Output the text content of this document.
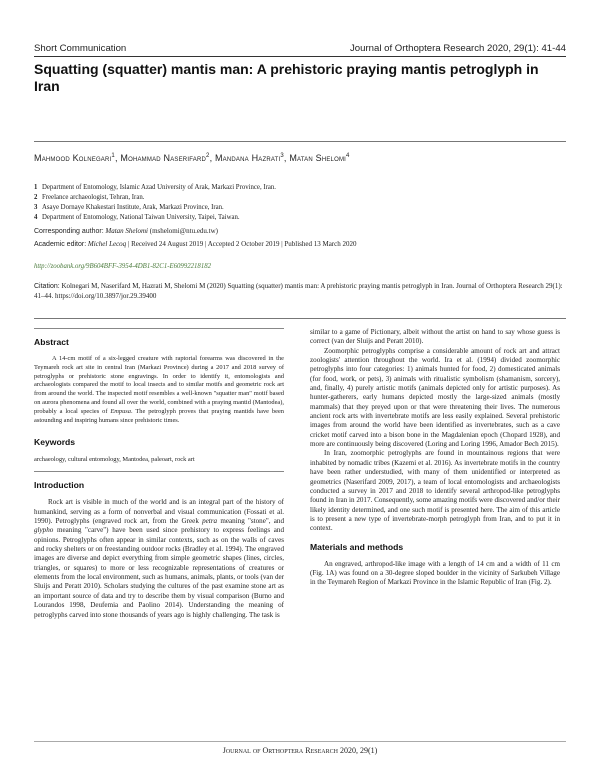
Short Communication	Journal of Orthoptera Research 2020, 29(1): 41-44
Squatting (squatter) mantis man: A prehistoric praying mantis petroglyph in Iran
Mahmood Kolnegari$^1$, Mohammad Naserifard$^2$, Mandana Hazrati$^3$, Matan Shelomi$^4$
1 Department of Entomology, Islamic Azad University of Arak, Markazi Province, Iran.
2 Freelance archaeologist, Tehran, Iran.
3 Asaye Dornaye Khakestari Institute, Arak, Markazi Province, Iran.
4 Department of Entomology, National Taiwan University, Taipei, Taiwan.
Corresponding author: Matan Shelomi (mshelomi@ntu.edu.tw)
Academic editor: Michel Lecoq | Received 24 August 2019 | Accepted 2 October 2019 | Published 13 March 2020
http://zoobank.org/9B604BFF-3954-4DB1-82C1-E60992218182
Citation: Kolnegari M, Naserifard M, Hazrati M, Shelomi M (2020) Squatting (squatter) mantis man: A prehistoric praying mantis petroglyph in Iran. Journal of Orthoptera Research 29(1): 41–44. https://doi.org/10.3897/jor.29.39400
Abstract

A 14-cm motif of a six-legged creature with raptorial forearms was discovered in the Teymareh rock art site in central Iran (Markazi Province) during a 2017 and 2018 survey of petroglyphs or prehistoric stone engravings. In order to identify it, entomologists and archaeologists compared the motif to local insects and to similar motifs and geometric rock art from around the world. The inspected motif resembles a well-known "squatter man" motif based on aurora phenomena and found all over the world, combined with a praying mantid (Mantodea), probably a local species of Empusa. The petroglyph proves that praying mantids have been astounding and inspiring humans since prehistoric times.

Keywords

archaeology, cultural entomology, Mantodea, paleoart, rock art

Introduction

Rock art is visible in much of the world and is an integral part of the history of humankind, serving as a form of nonverbal and visual communication (Fossati et al. 1990). Petroglyphs (engraved rock art, from the Greek petra meaning "stone", and glypho meaning "carve") have been used since prehistory to express feelings and opinions. Petroglyphs often appear in similar contexts, such as on the walls of caves and rocky shelters or on freestanding outdoor rocks (Bradley et al. 1994). The engraved images are diverse and depict everything from simple geometric shapes (lines, circles, triangles, or squares) to more or less recognizable representations of creatures or elements from the local environment, such as humans, animals, plants, or tools (van der Sluijs and Peratt 2010). Scholars studying the cultures of the past examine stone art as an important source of data and try to describe them by visual comparison (Burno and Lourandos 1998, Deufemia and Paolino 2014). Understanding the meaning of petroglyphs carved into stone thousands of years ago is highly challenging. The task is

similar to a game of Pictionary, albeit without the artist on hand to say whose guess is correct (van der Sluijs and Peratt 2010).

Zoomorphic petroglyphs comprise a considerable amount of rock art and attract zoologists' attention throughout the world. Ira et al. (1994) divided zoomorphic petroglyphs into four categories: 1) animals hunted for food, 2) domesticated animals (for food, work, or pets), 3) animals with ritualistic symbolism (shamanism, sorcery), and, finally, 4) purely artistic motifs (animals depicted only for artistic purposes). As hunter-gatherers, early humans depicted mostly the large-sized animals (mostly mammals) that they preyed upon or that were threatening their lives. The numerous ancient rock arts with invertebrate motifs are less easily explained. Several prehistoric images from around the world have been identified as invertebrates, such as a cave cricket motif carved into a bison bone in the Magdalenian epoch (Chopard 1928), and more are continuously being discovered (Loring and Loring 1996, Amador Bech 2015).

In Iran, zoomorphic petroglyphs are found in mountainous regions that were inhabited by nomadic tribes (Kazemi et al. 2016). As invertebrate motifs in the country have been rather understudied, with many of them unidentified or interpreted as geometrics (Naserifard 2009, 2017), a team of local entomologists and archaeologists conducted a survey in 2017 and 2018 to identify several arthropod-like petroglyphs found in Iran in 2017. Consequently, some amazing motifs were discovered and/or their likely identity determined, and one such motif is presented here. The aim of this article is to present a new type of invertebrate-morph petroglyph from Iran, and to put it in context.

Materials and methods

An engraved, arthropod-like image with a length of 14 cm and a width of 11 cm (Fig. 1A) was found on a 30-degree sloped boulder in the vicinity of Sarkubeh Village in the Teymareh Region of Markazi Province in the Islamic Republic of Iran (Fig. 2).

Journal of Orthoptera Research 2020, 29(1)
